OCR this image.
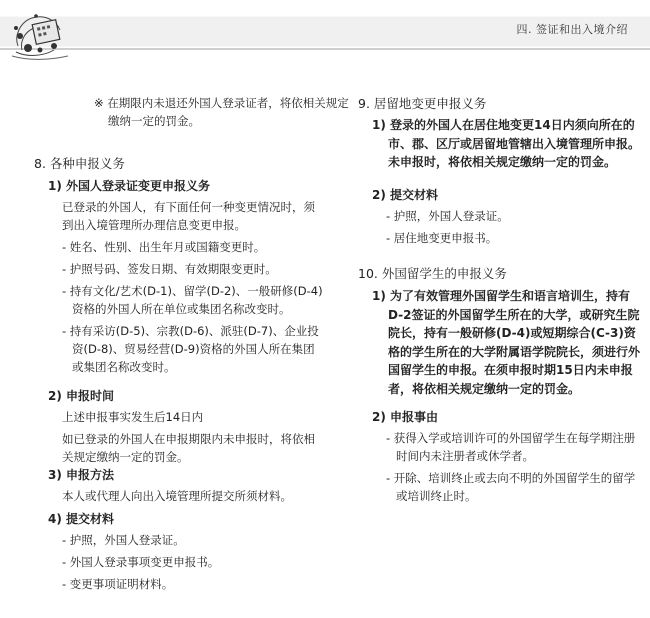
四. 签证和出入境介绍

※ 在期限内未退还外国人登录证者，将依相关规定缴纳一定的罚金。

8. 各种申报义务
1) 外国人登录证变更申报义务

已登录的外国人，有下面任何一种变更情况时，须到出入境管理所办理信息变更申报。

- 姓名、性别、出生年月或国籍变更时。

- 护照号码、签发日期、有效期限变更时。

- 持有文化/艺术(D-1)、留学(D-2)、一般研修(D-4)资格的外国人所在单位或集团名称改变时。

- 持有采访(D-5)、宗教(D-6)、派驻(D-7)、企业投资(D-8)、贸易经营(D-9)资格的外国人所在集团或集团名称改变时。

2) 申报时间

上述申报事实发生后14日内

如已登录的外国人在申报期限内未申报时，将依相关规定缴纳一定的罚金。

3) 申报方法

本人或代理人向出入境管理所提交所须材料。

4) 提交材料

- 护照，外国人登录证。

- 外国人登录事项变更申报书。

- 变更事项证明材料。

9. 居留地变更申报义务

1) 登录的外国人在居住地变更14日内须向所在的市、郡、区厅或居留地管辖出入境管理所申报。未申报时，将依相关规定缴纳一定的罚金。

2) 提交材料

- 护照，外国人登录证。

- 居住地变更申报书。

10. 外国留学生的申报义务

1) 为了有效管理外国留学生和语言培训生，持有D-2签证的外国留学生所在的大学，或研究生院院长，持有一般研修(D-4)或短期综合(C-3)资格的学生所在的大学附属语学院院长，须进行外国留学生的申报。在须申报时期15日内未申报者，将依相关规定缴纳一定的罚金。

2) 申报事由

- 获得入学或培训许可的外国留学生在每学期注册时间内未注册者或休学者。

- 开除、培训终止或去向不明的外国留学生的留学或培训终止时。
